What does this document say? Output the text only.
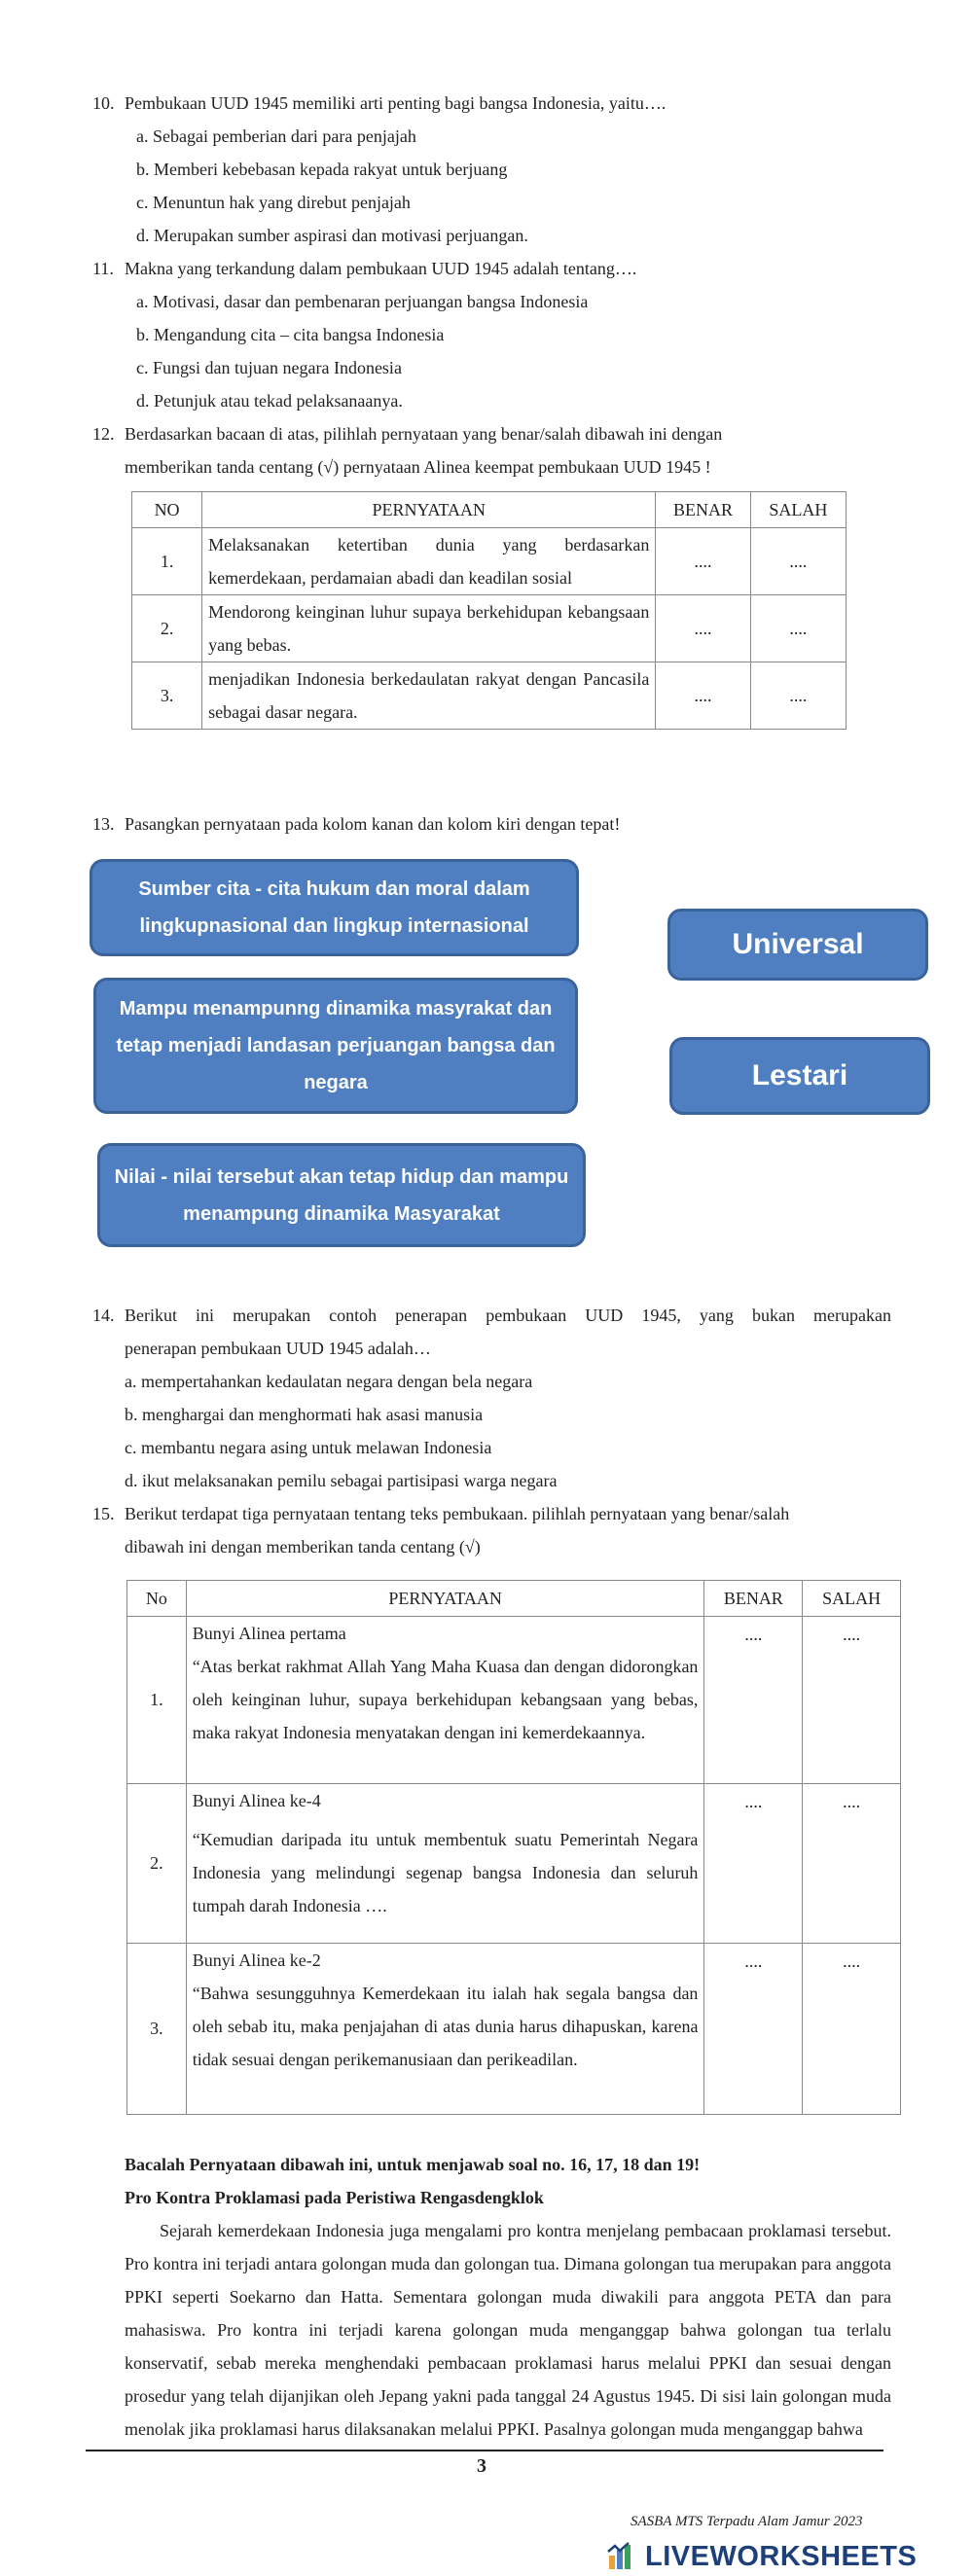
10. Pembukaan UUD 1945 memiliki arti penting bagi bangsa Indonesia, yaitu….
a. Sebagai pemberian dari para penjajah
b. Memberi kebebasan kepada rakyat untuk berjuang
c. Menuntun hak yang direbut penjajah
d. Merupakan sumber aspirasi dan motivasi perjuangan.
11. Makna yang terkandung dalam pembukaan UUD 1945 adalah tentang….
a. Motivasi, dasar dan pembenaran perjuangan bangsa Indonesia
b. Mengandung cita – cita bangsa Indonesia
c. Fungsi dan tujuan negara Indonesia
d. Petunjuk atau tekad pelaksanaanya.
12. Berdasarkan bacaan di atas, pilihlah pernyataan yang benar/salah dibawah ini dengan
memberikan tanda centang (√) pernyataan Alinea keempat pembukaan UUD 1945 !
NO	PERNYATAAN	BENAR	SALAH
1.	Melaksanakan ketertiban dunia yang berdasarkan kemerdekaan, perdamaian abadi dan keadilan sosial	....	....
2.	Mendorong keinginan luhur supaya berkehidupan kebangsaan yang bebas.	....	....
3.	menjadikan Indonesia berkedaulatan rakyat dengan Pancasila sebagai dasar negara.	....	....
13. Pasangkan pernyataan pada kolom kanan dan kolom kiri dengan tepat!
Sumber cita - cita hukum dan moral dalam lingkupnasional dan lingkup internasional
Mampu menampunng dinamika masyrakat dan tetap menjadi landasan perjuangan bangsa dan negara
Nilai - nilai tersebut akan tetap hidup dan mampu menampung dinamika Masyarakat
Universal
Lestari
14. Berikut ini merupakan contoh penerapan pembukaan UUD 1945, yang bukan merupakan
penerapan pembukaan UUD 1945 adalah…
a. mempertahankan kedaulatan negara dengan bela negara
b. menghargai dan menghormati hak asasi manusia
c. membantu negara asing untuk melawan Indonesia
d. ikut melaksanakan pemilu sebagai partisipasi warga negara
15. Berikut terdapat tiga pernyataan tentang teks pembukaan. pilihlah pernyataan yang benar/salah
dibawah ini dengan memberikan tanda centang (√)
No	PERNYATAAN	BENAR	SALAH
1.	Bunyi Alinea pertama
“Atas berkat rakhmat Allah Yang Maha Kuasa dan dengan didorongkan oleh keinginan luhur, supaya berkehidupan kebangsaan yang bebas, maka rakyat Indonesia menyatakan dengan ini kemerdekaannya.	....	....
2.	Bunyi Alinea ke-4
“Kemudian daripada itu untuk membentuk suatu Pemerintah Negara Indonesia yang melindungi segenap bangsa Indonesia dan seluruh tumpah darah Indonesia ….	....	....
3.	Bunyi Alinea ke-2
“Bahwa sesungguhnya Kemerdekaan itu ialah hak segala bangsa dan oleh sebab itu, maka penjajahan di atas dunia harus dihapuskan, karena tidak sesuai dengan perikemanusiaan dan perikeadilan.	....	....
Bacalah Pernyataan dibawah ini, untuk menjawab soal no. 16, 17, 18 dan 19!
Pro Kontra Proklamasi pada Peristiwa Rengasdengklok
Sejarah kemerdekaan Indonesia juga mengalami pro kontra menjelang pembacaan proklamasi tersebut. Pro kontra ini terjadi antara golongan muda dan golongan tua. Dimana golongan tua merupakan para anggota PPKI seperti Soekarno dan Hatta. Sementara golongan muda diwakili para anggota PETA dan para mahasiswa. Pro kontra ini terjadi karena golongan muda menganggap bahwa golongan tua terlalu konservatif, sebab mereka menghendaki pembacaan proklamasi harus melalui PPKI dan sesuai dengan prosedur yang telah dijanjikan oleh Jepang yakni pada tanggal 24 Agustus 1945. Di sisi lain golongan muda menolak jika proklamasi harus dilaksanakan melalui PPKI. Pasalnya golongan muda menganggap bahwa
3
SASBA MTS Terpadu Alam Jamur 2023
LIVEWORKSHEETS
